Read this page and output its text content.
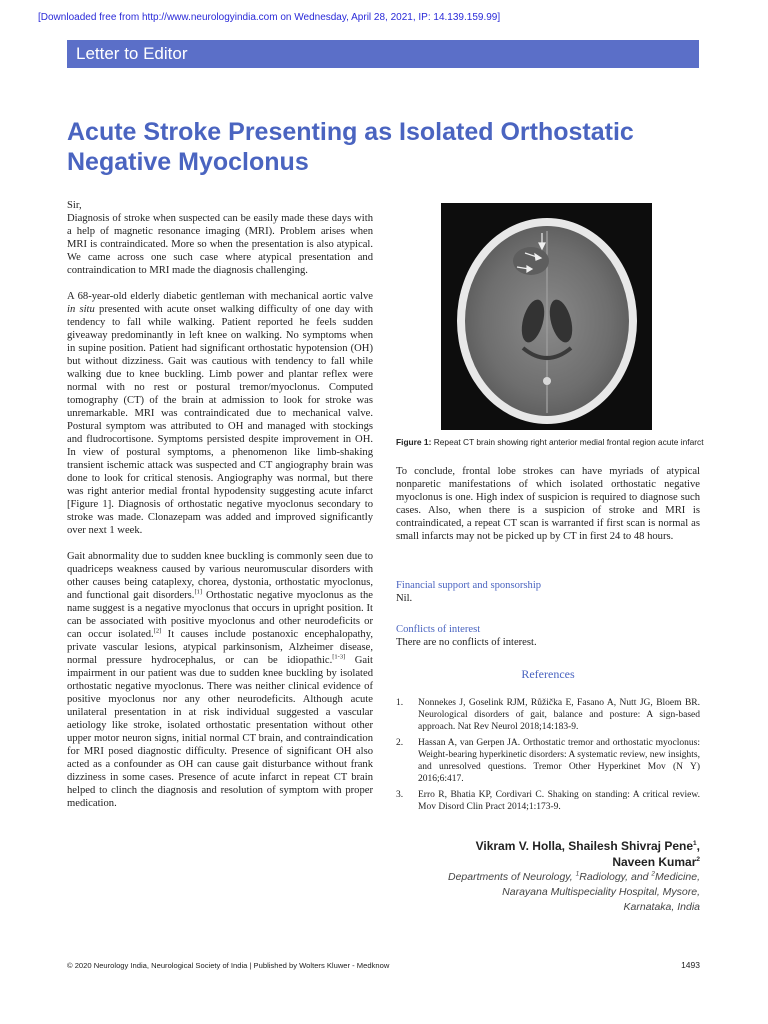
[Downloaded free from http://www.neurologyindia.com on Wednesday, April 28, 2021, IP: 14.139.159.99]
Letter to Editor
Acute Stroke Presenting as Isolated Orthostatic Negative Myoclonus
Sir,

Diagnosis of stroke when suspected can be easily made these days with a help of magnetic resonance imaging (MRI). Problem arises when MRI is contraindicated. More so when the presentation is also atypical. We came across one such case where atypical presentation and contraindication to MRI made the diagnosis challenging.

A 68-year-old elderly diabetic gentleman with mechanical aortic valve in situ presented with acute onset walking difficulty of one day with tendency to fall while walking. Patient reported he feels sudden giveaway predominantly in left knee on walking. No symptoms when in supine position. Patient had significant orthostatic hypotension (OH) but without dizziness. Gait was cautious with tendency to fall while walking due to knee buckling. Limb power and plantar reflex were normal with no rest or postural tremor/myoclonus. Computed tomography (CT) of the brain at admission to look for stroke was unremarkable. MRI was contraindicated due to mechanical valve. Postural symptom was attributed to OH and managed with stockings and fludrocortisone. Symptoms persisted despite improvement in OH. In view of postural symptoms, a phenomenon like limb-shaking transient ischemic attack was suspected and CT angiography brain was done to look for critical stenosis. Angiography was normal, but there was right anterior medial frontal hypodensity suggesting acute infarct [Figure 1]. Diagnosis of orthostatic negative myoclonus secondary to stroke was made. Clonazepam was added and improved significantly over next 1 week.

Gait abnormality due to sudden knee buckling is commonly seen due to quadriceps weakness caused by various neuromuscular disorders with other causes being cataplexy, chorea, dystonia, orthostatic myoclonus, and functional gait disorders.[1] Orthostatic negative myoclonus as the name suggest is a negative myoclonus that occurs in upright position. It can be associated with positive myoclonus and other neurodeficits or can occur isolated.[2] It causes include postanoxic encephalopathy, private vascular lesions, atypical parkinsonism, Alzheimer disease, normal pressure hydrocephalus, or can be idiopathic.[1-3] Gait impairment in our patient was due to sudden knee buckling by isolated orthostatic negative myoclonus. There was neither clinical evidence of positive myoclonus nor any other neurodeficits. Although acute unilateral presentation in at risk individual suggested a vascular aetiology like stroke, isolated orthostatic presentation without other upper motor neuron signs, initial normal CT brain, and contraindication for MRI posed diagnostic difficulty. Presence of significant OH also acted as a confounder as OH can cause gait disturbance without frank dizziness in some cases. Presence of acute infarct in repeat CT brain helped to clinch the diagnosis and resolution of symptom with proper medication.

Figure 1: Repeat CT brain showing right anterior medial frontal region acute infarct
To conclude, frontal lobe strokes can have myriads of atypical nonparetic manifestations of which isolated orthostatic negative myoclonus is one. High index of suspicion is required to diagnose such cases. Also, when there is a suspicion of stroke and MRI is contraindicated, a repeat CT scan is warranted if first scan is normal as small infarcts may not be picked up by CT in first 24 to 48 hours.
Financial support and sponsorship
Nil.
Conflicts of interest
There are no conflicts of interest.
References
1.	Nonnekes J, Goselink RJM, Růžička E, Fasano A, Nutt JG, Bloem BR. Neurological disorders of gait, balance and posture: A sign-based approach. Nat Rev Neurol 2018;14:183-9.
2.	Hassan A, van Gerpen JA. Orthostatic tremor and orthostatic myoclonus: Weight-bearing hyperkinetic disorders: A systematic review, new insights, and unresolved questions. Tremor Other Hyperkinet Mov (N Y) 2016;6:417.
3.	Erro R, Bhatia KP, Cordivari C. Shaking on standing: A critical review. Mov Disord Clin Pract 2014;1:173-9.
Vikram V. Holla, Shailesh Shivraj Pene$^1$,
Naveen Kumar$^2$
Departments of Neurology, $^1$Radiology, and $^2$Medicine,
Narayana Multispeciality Hospital, Mysore,
Karnataka, India
© 2020 Neurology India, Neurological Society of India | Published by Wolters Kluwer - Medknow	1493
